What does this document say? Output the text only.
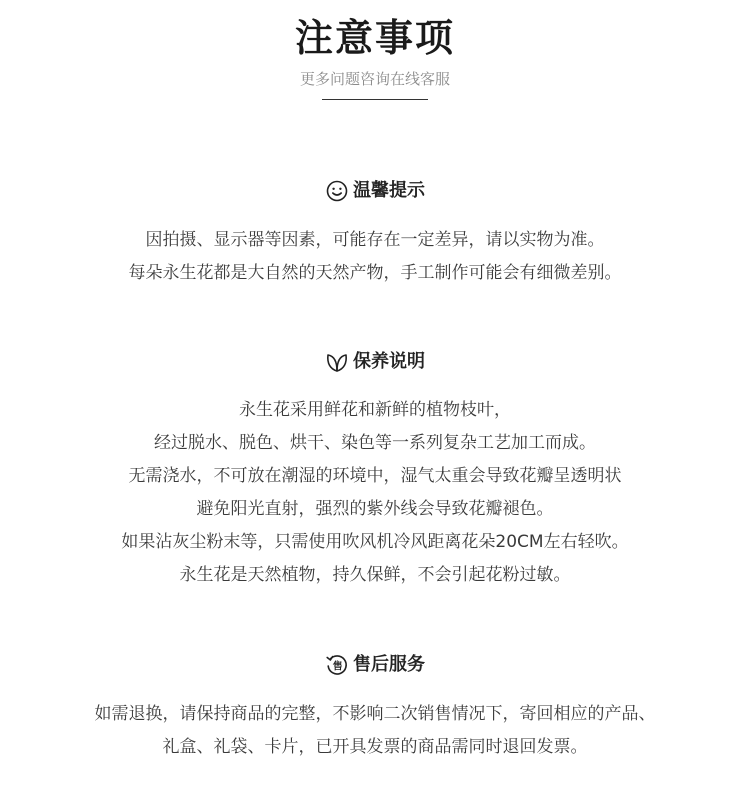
注意事项
更多问题咨询在线客服
温馨提示
因拍摄、显示器等因素，可能存在一定差异，请以实物为准。
每朵永生花都是大自然的天然产物，手工制作可能会有细微差别。
保养说明
永生花采用鲜花和新鲜的植物枝叶，
经过脱水、脱色、烘干、染色等一系列复杂工艺加工而成。
无需浇水，不可放在潮湿的环境中，湿气太重会导致花瓣呈透明状
避免阳光直射，强烈的紫外线会导致花瓣褪色。
如果沾灰尘粉末等，只需使用吹风机冷风距离花朵20CM左右轻吹。
永生花是天然植物，持久保鲜，不会引起花粉过敏。
售 售后服务
如需退换，请保持商品的完整，不影响二次销售情况下，寄回相应的产品、
礼盒、礼袋、卡片，已开具发票的商品需同时退回发票。
